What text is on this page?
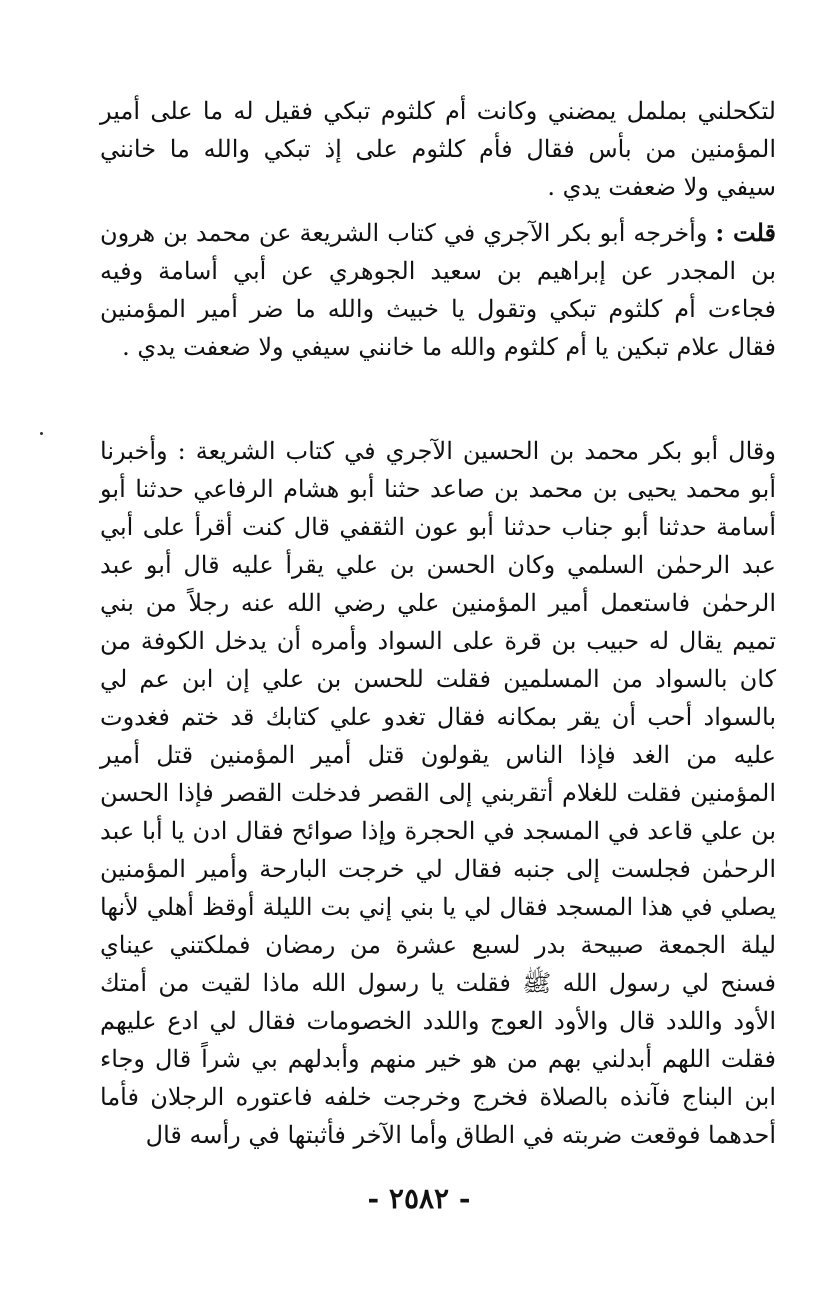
لتكحلني بململ يمضني وكانت أم كلثوم تبكي فقيل له ما على أمير المؤمنين من بأس فقال فأم كلثوم على إذ تبكي والله ما خانني سيفي ولا ضعفت يدي .

قلت : وأخرجه أبو بكر الآجري في كتاب الشريعة عن محمد بن هرون بن المجدر عن إبراهيم بن سعيد الجوهري عن أبي أسامة وفيه فجاءت أم كلثوم تبكي وتقول يا خبيث والله ما ضر أمير المؤمنين فقال علام تبكين يا أم كلثوم والله ما خانني سيفي ولا ضعفت يدي .

وقال أبو بكر محمد بن الحسين الآجري في كتاب الشريعة : وأخبرنا أبو محمد يحيى بن محمد بن صاعد حثنا أبو هشام الرفاعي حدثنا أبو أسامة حدثنا أبو جناب حدثنا أبو عون الثقفي قال كنت أقرأ على أبي عبد الرحمٰن السلمي وكان الحسن بن علي يقرأ عليه قال أبو عبد الرحمٰن فاستعمل أمير المؤمنين علي رضي الله عنه رجلاً من بني تميم يقال له حبيب بن قرة على السواد وأمره أن يدخل الكوفة من كان بالسواد من المسلمين فقلت للحسن بن علي إن ابن عم لي بالسواد أحب أن يقر بمكانه فقال تغدو علي كتابك قد ختم فغدوت عليه من الغد فإذا الناس يقولون قتل أمير المؤمنين قتل أمير المؤمنين فقلت للغلام أتقربني إلى القصر فدخلت القصر فإذا الحسن بن علي قاعد في المسجد في الحجرة وإذا صوائح فقال ادن يا أبا عبد الرحمٰن فجلست إلى جنبه فقال لي خرجت البارحة وأمير المؤمنين يصلي في هذا المسجد فقال لي يا بني إني بت الليلة أوقظ أهلي لأنها ليلة الجمعة صبيحة بدر لسبع عشرة من رمضان فملكتني عيناي فسنح لي رسول الله ﷺ فقلت يا رسول الله ماذا لقيت من أمتك الأود واللدد قال والأود العوج واللدد الخصومات فقال لي ادع عليهم فقلت اللهم أبدلني بهم من هو خير منهم وأبدلهم بي شراً قال وجاء ابن البناج فآنذه بالصلاة فخرج وخرجت خلفه فاعتوره الرجلان فأما أحدهما فوقعت ضربته في الطاق وأما الآخر فأثبتها في رأسه قال

- ٢٥٨٢ -
